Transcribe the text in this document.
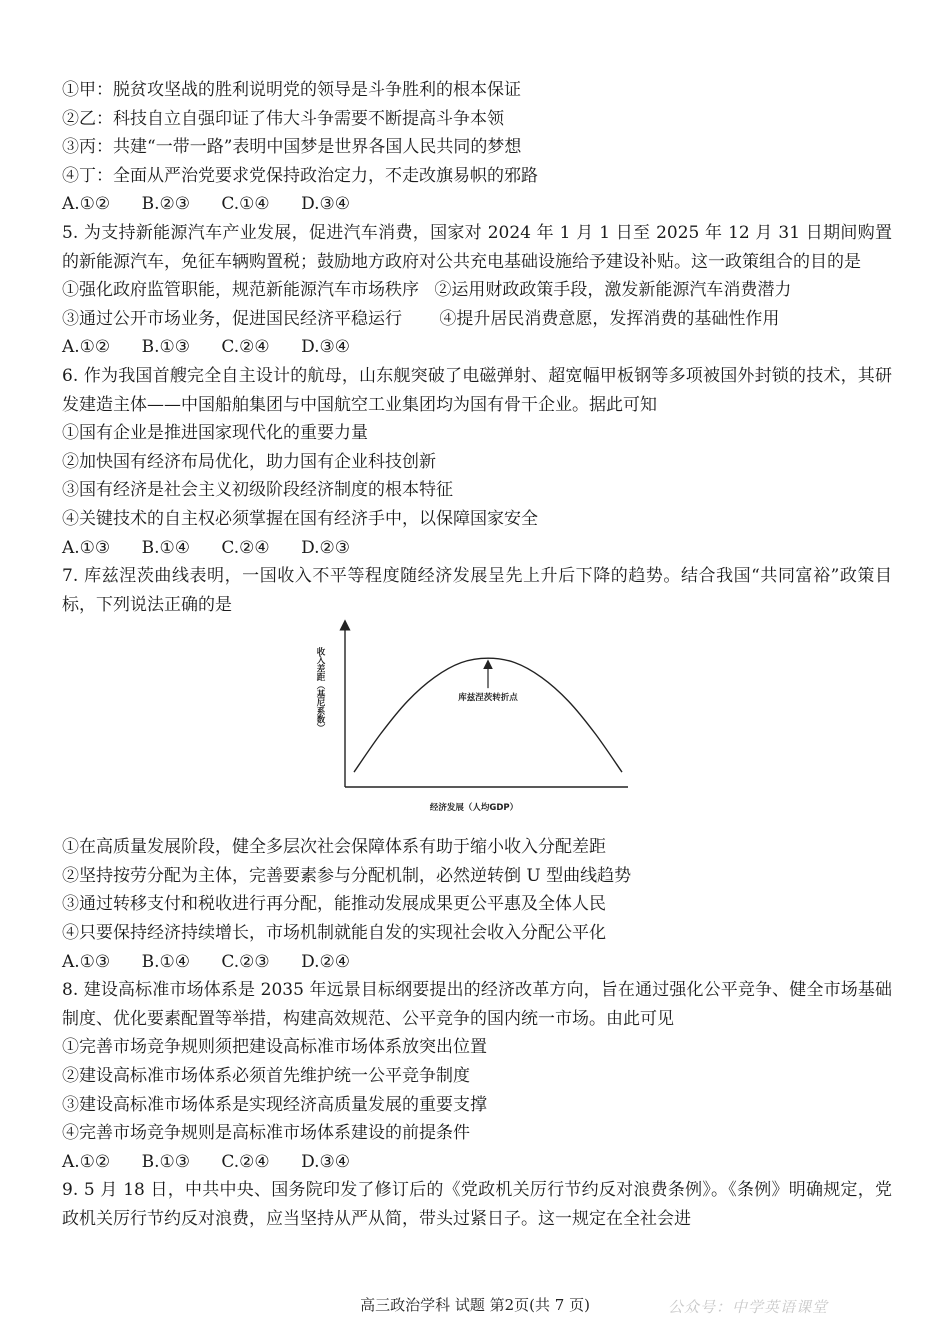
①甲：脱贫攻坚战的胜利说明党的领导是斗争胜利的根本保证
②乙：科技自立自强印证了伟大斗争需要不断提高斗争本领
③丙：共建“一带一路”表明中国梦是世界各国人民共同的梦想
④丁：全面从严治党要求党保持政治定力，不走改旗易帜的邪路
A.①② B.②③ C.①④ D.③④
5. 为支持新能源汽车产业发展，促进汽车消费，国家对 2024 年 1 月 1 日至 2025 年 12 月 31 日期间购置的新能源汽车，免征车辆购置税；鼓励地方政府对公共充电基础设施给予建设补贴。这一政策组合的目的是
①强化政府监管职能，规范新能源汽车市场秩序 ②运用财政政策手段，激发新能源汽车消费潜力
③通过公开市场业务，促进国民经济平稳运行 ④提升居民消费意愿，发挥消费的基础性作用
A.①② B.①③ C.②④ D.③④
6. 作为我国首艘完全自主设计的航母，山东舰突破了电磁弹射、超宽幅甲板钢等多项被国外封锁的技术，其研发建造主体——中国船舶集团与中国航空工业集团均为国有骨干企业。据此可知
①国有企业是推进国家现代化的重要力量
②加快国有经济布局优化，助力国有企业科技创新
③国有经济是社会主义初级阶段经济制度的根本特征
④关键技术的自主权必须掌握在国有经济手中，以保障国家安全
A.①③ B.①④ C.②④ D.②③
7. 库兹涅茨曲线表明，一国收入不平等程度随经济发展呈先上升后下降的趋势。结合我国“共同富裕”政策目标，下列说法正确的是
库兹涅茨转折点
收入差距（基尼系数）
经济发展（人均GDP）
①在高质量发展阶段，健全多层次社会保障体系有助于缩小收入分配差距
②坚持按劳分配为主体，完善要素参与分配机制，必然逆转倒 U 型曲线趋势
③通过转移支付和税收进行再分配，能推动发展成果更公平惠及全体人民
④只要保持经济持续增长，市场机制就能自发的实现社会收入分配公平化
A.①③ B.①④ C.②③ D.②④
8. 建设高标准市场体系是 2035 年远景目标纲要提出的经济改革方向，旨在通过强化公平竞争、健全市场基础制度、优化要素配置等举措，构建高效规范、公平竞争的国内统一市场。由此可见
①完善市场竞争规则须把建设高标准市场体系放突出位置
②建设高标准市场体系必须首先维护统一公平竞争制度
③建设高标准市场体系是实现经济高质量发展的重要支撑
④完善市场竞争规则是高标准市场体系建设的前提条件
A.①② B.①③ C.②④ D.③④
9. 5 月 18 日，中共中央、国务院印发了修订后的《党政机关厉行节约反对浪费条例》。《条例》明确规定，党政机关厉行节约反对浪费，应当坚持从严从简，带头过紧日子。这一规定在全社会进
高三政治学科 试题 第2页(共 7 页)	公众号：中学英语课堂
